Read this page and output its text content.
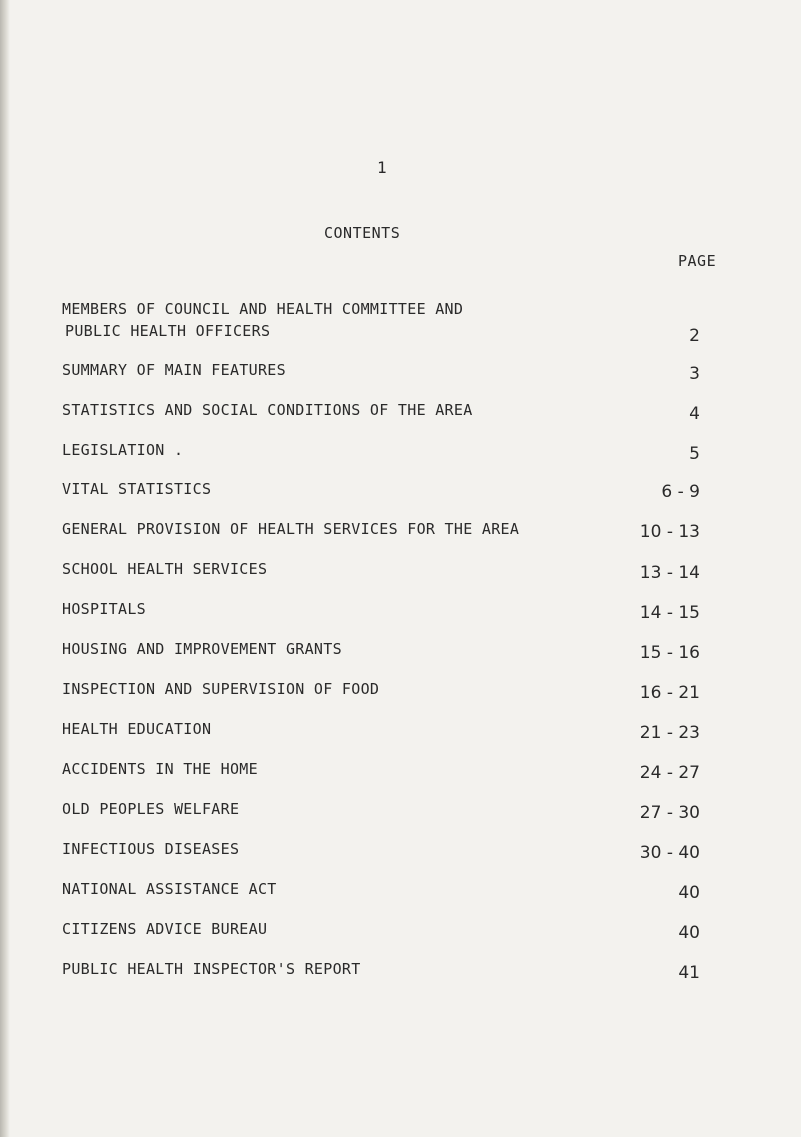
1
CONTENTS
PAGE
MEMBERS OF COUNCIL AND HEALTH COMMITTEE AND
PUBLIC HEALTH OFFICERS	2
SUMMARY OF MAIN FEATURES	3
STATISTICS AND SOCIAL CONDITIONS OF THE AREA	4
LEGISLATION .	5
VITAL STATISTICS	6 - 9
GENERAL PROVISION OF HEALTH SERVICES FOR THE AREA	10 - 13
SCHOOL HEALTH SERVICES	13 - 14
HOSPITALS	14 - 15
HOUSING AND IMPROVEMENT GRANTS	15 - 16
INSPECTION AND SUPERVISION OF FOOD	16 - 21
HEALTH EDUCATION	21 - 23
ACCIDENTS IN THE HOME	24 - 27
OLD PEOPLES WELFARE	27 - 30
INFECTIOUS DISEASES	30 - 40
NATIONAL ASSISTANCE ACT	40
CITIZENS ADVICE BUREAU	40
PUBLIC HEALTH INSPECTOR'S REPORT	41
